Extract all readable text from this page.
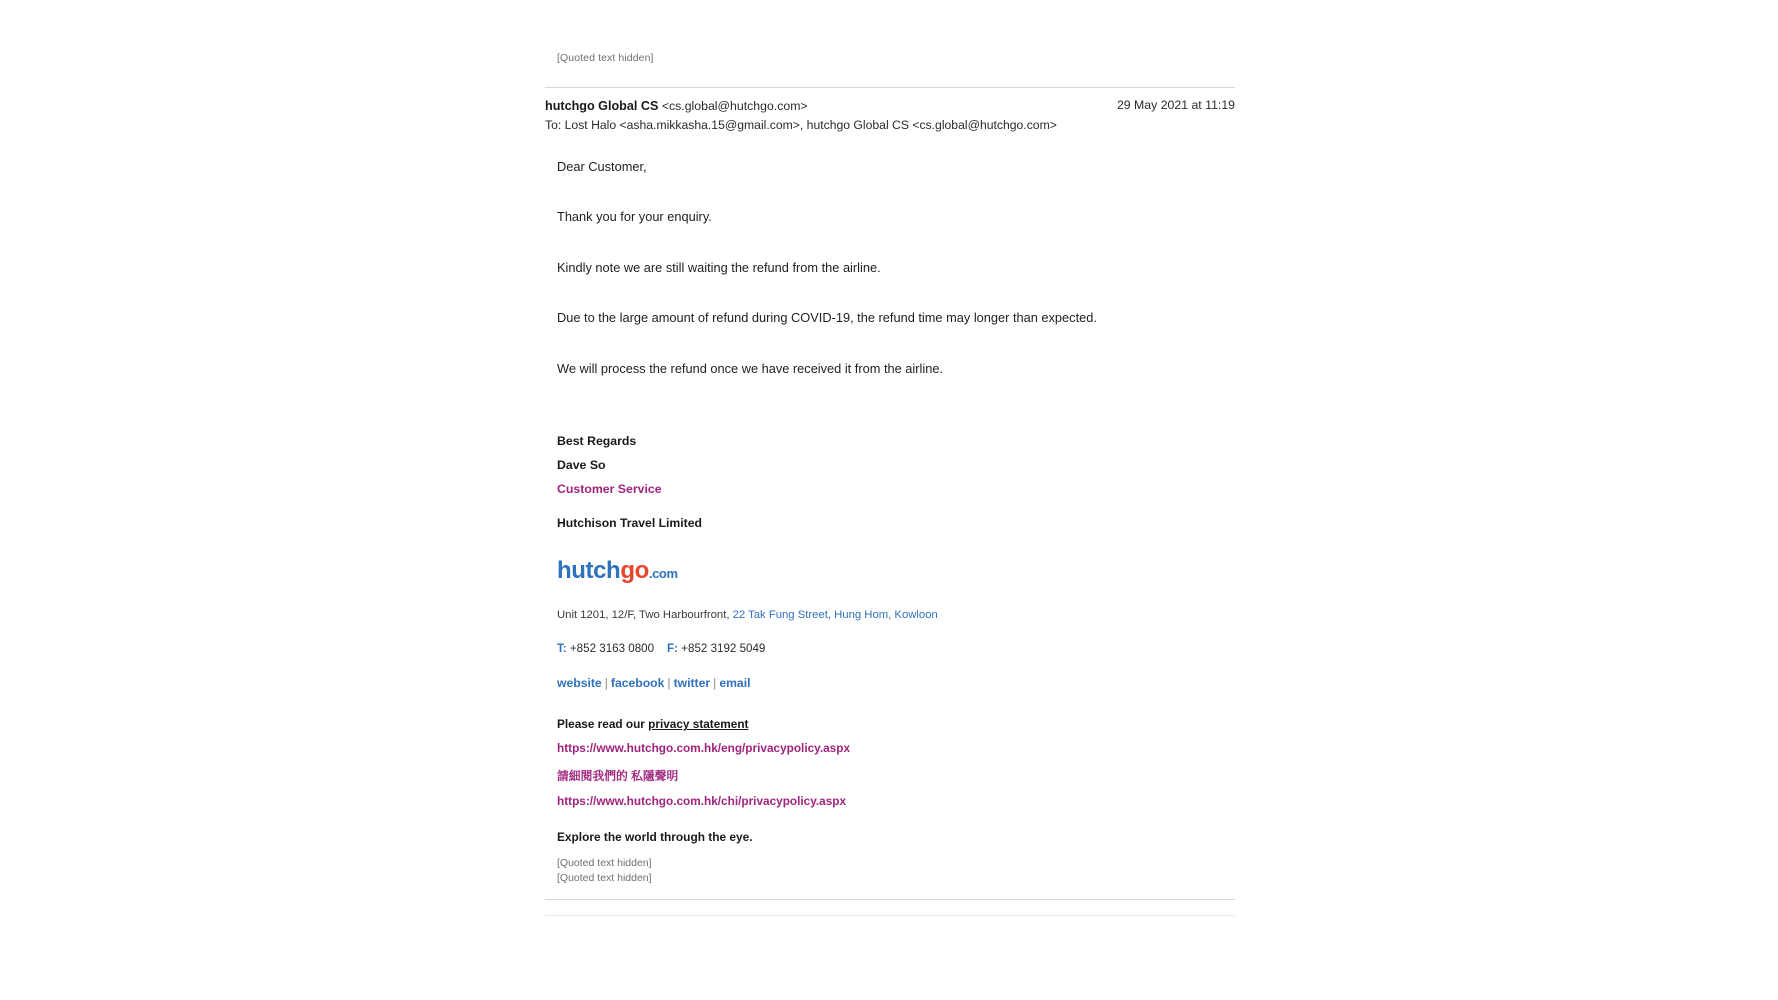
[Quoted text hidden]
hutchgo Global CS <cs.global@hutchgo.com>
To: Lost Halo <asha.mikkasha.15@gmail.com>, hutchgo Global CS <cs.global@hutchgo.com>
29 May 2021 at 11:19

Dear Customer,

Thank you for your enquiry.

Kindly note we are still waiting the refund from the airline.

Due to the large amount of refund during COVID-19, the refund time may longer than expected.

We will process the refund once we have received it from the airline.

Best Regards
Dave So
Customer Service
Hutchison Travel Limited
hutchgo.com
Unit 1201, 12/F, Two Harbourfront, 22 Tak Fung Street, Hung Hom, Kowloon
T: +852 3163 0800 F: +852 3192 5049
website | facebook | twitter | email
Please read our privacy statement
https://www.hutchgo.com.hk/eng/privacypolicy.aspx
請細閱我們的 私隱聲明
https://www.hutchgo.com.hk/chi/privacypolicy.aspx
Explore the world through the eye.
[Quoted text hidden]
[Quoted text hidden]
